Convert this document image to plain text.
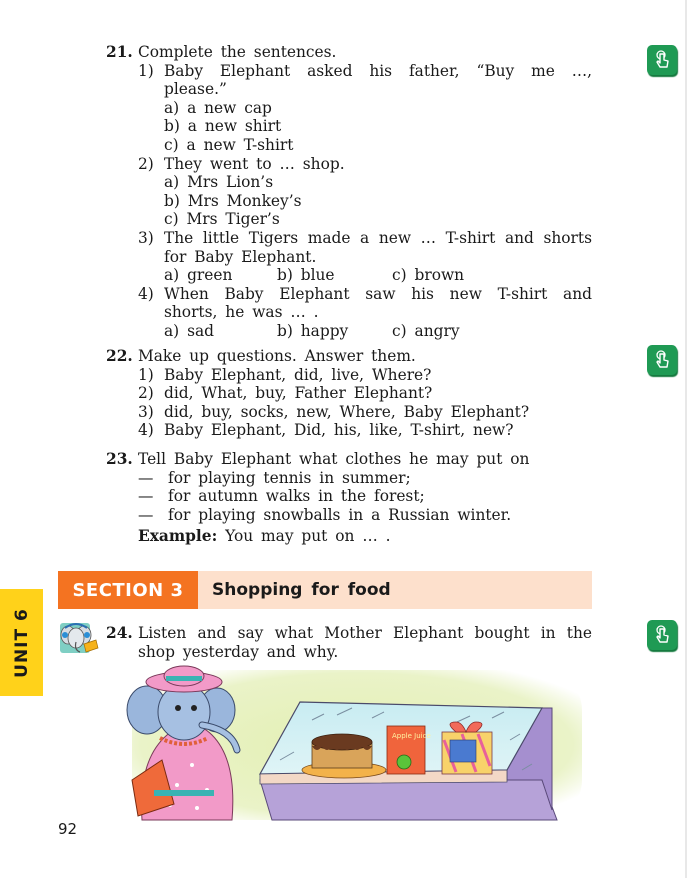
21. Complete the sentences.
1) Baby Elephant asked his father, “Buy me …, please.”
a) a new cap
b) a new shirt
c) a new T-shirt
2) They went to … shop.
a) Mrs Lion’s
b) Mrs Monkey’s
c) Mrs Tiger’s
3) The little Tigers made a new … T-shirt and shorts for Baby Elephant.
a) green	b) blue	c) brown
4) When Baby Elephant saw his new T-shirt and shorts, he was … .
a) sad	b) happy	c) angry
22. Make up questions. Answer them.
1) Baby Elephant, did, live, Where?
2) did, What, buy, Father Elephant?
3) did, buy, socks, new, Where, Baby Elephant?
4) Baby Elephant, Did, his, like, T-shirt, new?
23. Tell Baby Elephant what clothes he may put on
— for playing tennis in summer;
— for autumn walks in the forest;
— for playing snowballs in a Russian winter.
Example: You may put on … .
UNIT 6
SECTION 3	Shopping for food
24. Listen and say what Mother Elephant bought in the shop yesterday and why.
Apple Juice
92
